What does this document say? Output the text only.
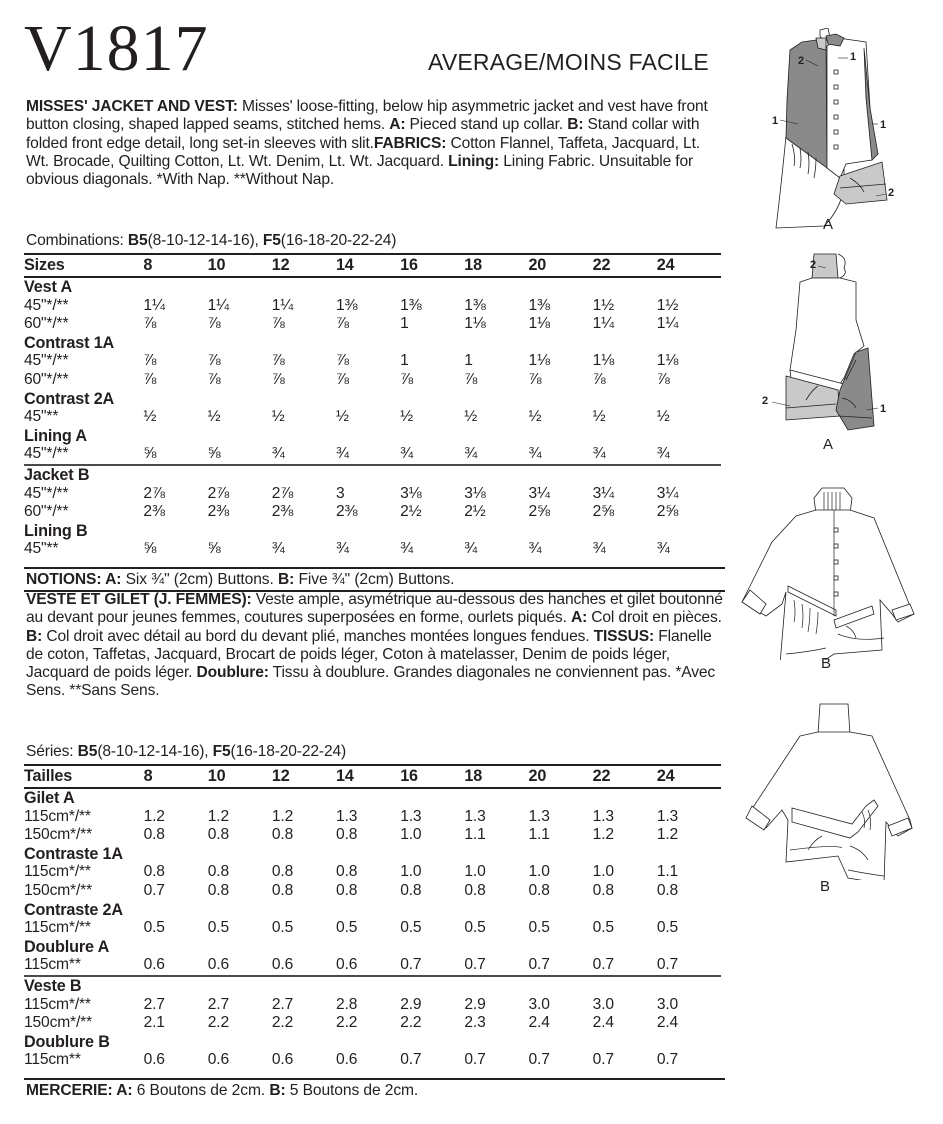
V1817	AVERAGE/MOINS FACILE
MISSES' JACKET AND VEST: Misses' loose-fitting, below hip asymmetric jacket and vest have front button closing, shaped lapped seams, stitched hems. A: Pieced stand up collar. B: Stand collar with folded front edge detail, long set-in sleeves with slit.FABRICS: Cotton Flannel, Taffeta, Jacquard, Lt. Wt. Brocade, Quilting Cotton, Lt. Wt. Denim, Lt. Wt. Jacquard. Lining: Lining Fabric. Unsuitable for obvious diagonals. *With Nap. **Without Nap.
Combinations: B5(8-10-12-14-16), F5(16-18-20-22-24)
Sizes	8	10	12	14	16	18	20	22	24
Vest A									
45"*/**	1¼	1¼	1¼	1⅜	1⅜	1⅜	1⅜	1½	1½
60"*/**	⅞	⅞	⅞	⅞	1	1⅛	1⅛	1¼	1¼
Contrast 1A									
45"*/**	⅞	⅞	⅞	⅞	1	1	1⅛	1⅛	1⅛
60"*/**	⅞	⅞	⅞	⅞	⅞	⅞	⅞	⅞	⅞
Contrast 2A									
45"**	½	½	½	½	½	½	½	½	½
Lining A									
45"*/**	⅝	⅝	¾	¾	¾	¾	¾	¾	¾
Jacket B									
45"*/**	2⅞	2⅞	2⅞	3	3⅛	3⅛	3¼	3¼	3¼
60"*/**	2⅜	2⅜	2⅜	2⅜	2½	2½	2⅝	2⅝	2⅝
Lining B									
45"**	⅝	⅝	¾	¾	¾	¾	¾	¾	¾
NOTIONS: A: Six ¾" (2cm) Buttons. B: Five ¾" (2cm) Buttons.
VESTE ET GILET (J. FEMMES): Veste ample, asymétrique au-dessous des hanches et gilet boutonné au devant pour jeunes femmes, coutures superposées en forme, ourlets piqués. A: Col droit en pièces. B: Col droit avec détail au bord du devant plié, manches montées longues fendues. TISSUS: Flanelle de coton, Taffetas, Jacquard, Brocart de poids léger, Coton à matelasser, Denim de poids léger, Jacquard de poids léger. Doublure: Tissu à doublure. Grandes diagonales ne conviennent pas. *Avec Sens. **Sans Sens.
Séries: B5(8-10-12-14-16), F5(16-18-20-22-24)
Tailles	8	10	12	14	16	18	20	22	24
Gilet A									
115cm*/**	1.2	1.2	1.2	1.3	1.3	1.3	1.3	1.3	1.3
150cm*/**	0.8	0.8	0.8	0.8	1.0	1.1	1.1	1.2	1.2
Contraste 1A									
115cm*/**	0.8	0.8	0.8	0.8	1.0	1.0	1.0	1.0	1.1
150cm*/**	0.7	0.8	0.8	0.8	0.8	0.8	0.8	0.8	0.8
Contraste 2A									
115cm*/**	0.5	0.5	0.5	0.5	0.5	0.5	0.5	0.5	0.5
Doublure A									
115cm**	0.6	0.6	0.6	0.6	0.7	0.7	0.7	0.7	0.7
Veste B									
115cm*/**	2.7	2.7	2.7	2.8	2.9	2.9	3.0	3.0	3.0
150cm*/**	2.1	2.2	2.2	2.2	2.2	2.3	2.4	2.4	2.4
Doublure B									
115cm**	0.6	0.6	0.6	0.6	0.7	0.7	0.7	0.7	0.7
MERCERIE: A: 6 Boutons de 2cm. B: 5 Boutons de 2cm.
2	1
1	1
2
A
2
2
1
A
B
B
